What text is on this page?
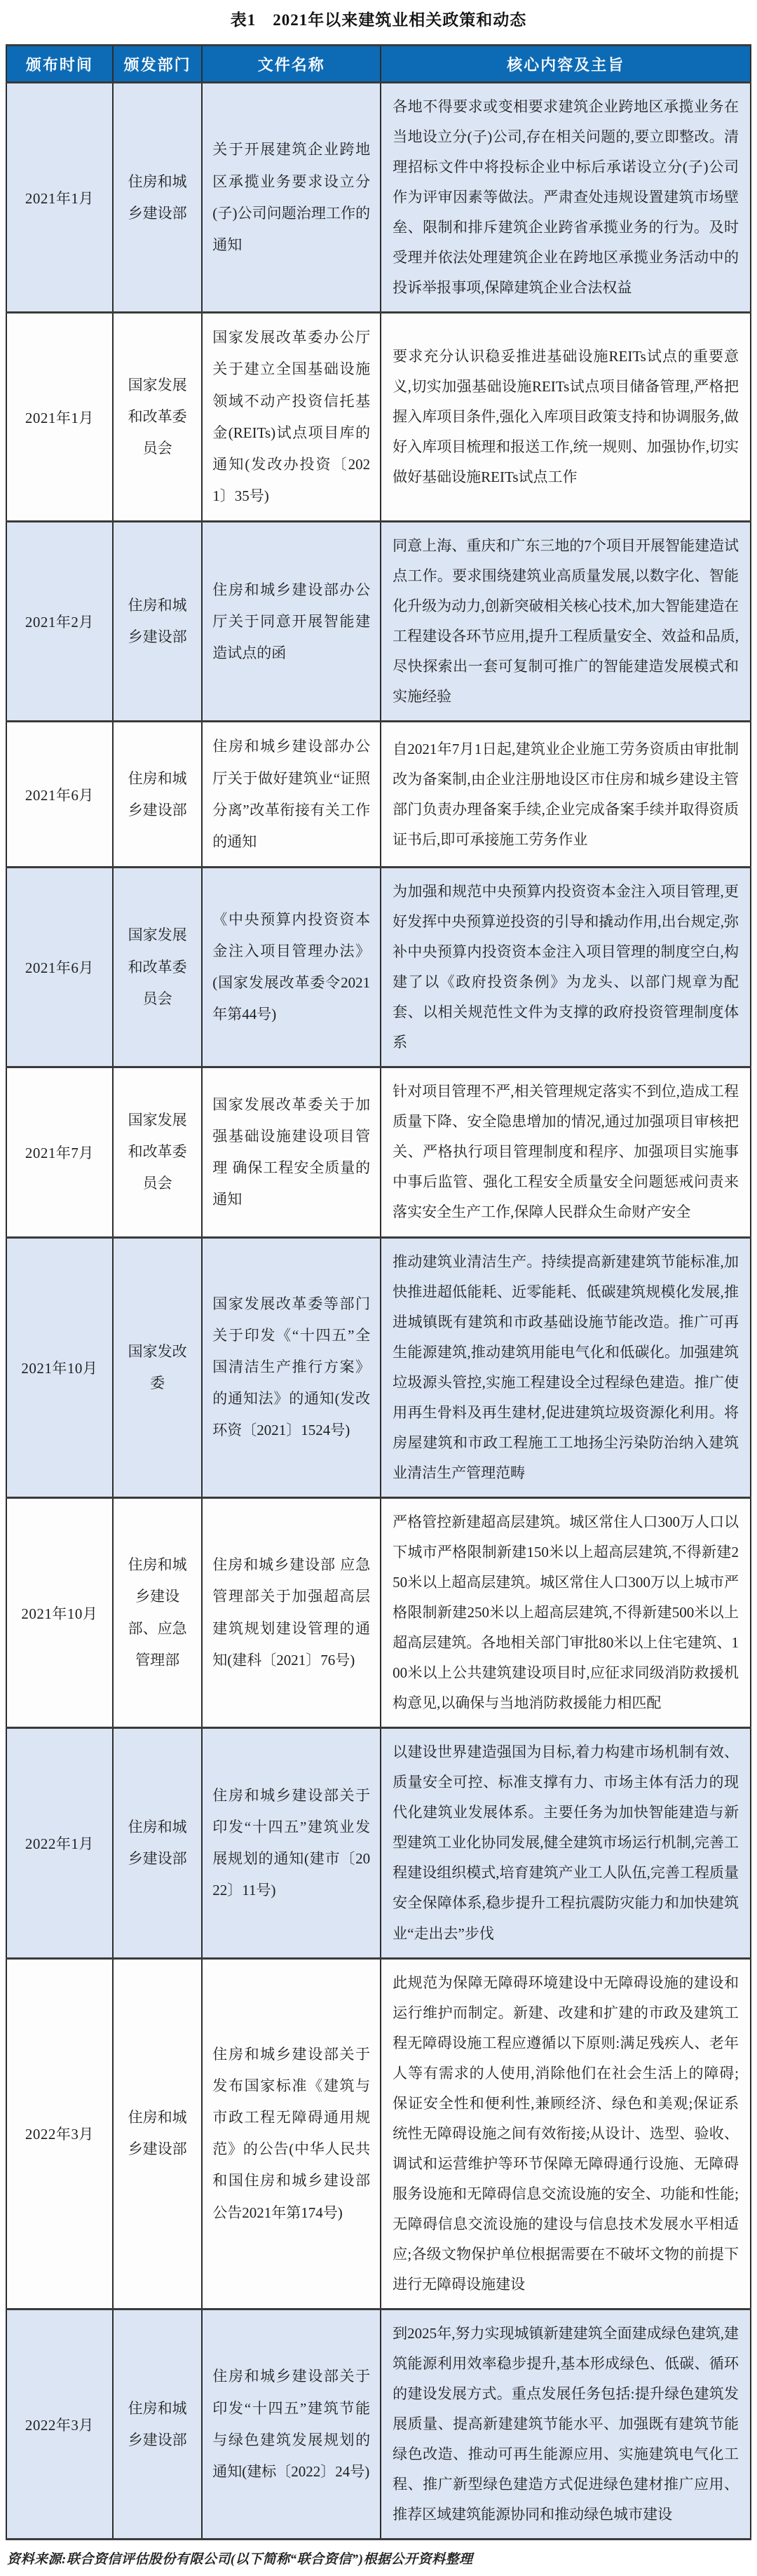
表1　2021年以来建筑业相关政策和动态
颁布时间	颁发部门	文件名称	核心内容及主旨
2021年1月	住房和城乡建设部	关于开展建筑企业跨地区承揽业务要求设立分(子)公司问题治理工作的通知	各地不得要求或变相要求建筑企业跨地区承揽业务在当地设立分(子)公司,存在相关问题的,要立即整改。清理招标文件中将投标企业中标后承诺设立分(子)公司作为评审因素等做法。严肃查处违规设置建筑市场壁垒、限制和排斥建筑企业跨省承揽业务的行为。及时受理并依法处理建筑企业在跨地区承揽业务活动中的投诉举报事项,保障建筑企业合法权益
2021年1月	国家发展和改革委员会	国家发展改革委办公厅关于建立全国基础设施领域不动产投资信托基金(REITs)试点项目库的通知(发改办投资〔2021〕35号)	要求充分认识稳妥推进基础设施REITs试点的重要意义,切实加强基础设施REITs试点项目储备管理,严格把握入库项目条件,强化入库项目政策支持和协调服务,做好入库项目梳理和报送工作,统一规则、加强协作,切实做好基础设施REITs试点工作
2021年2月	住房和城乡建设部	住房和城乡建设部办公厅关于同意开展智能建造试点的函	同意上海、重庆和广东三地的7个项目开展智能建造试点工作。要求围绕建筑业高质量发展,以数字化、智能化升级为动力,创新突破相关核心技术,加大智能建造在工程建设各环节应用,提升工程质量安全、效益和品质,尽快探索出一套可复制可推广的智能建造发展模式和实施经验
2021年6月	住房和城乡建设部	住房和城乡建设部办公厅关于做好建筑业“证照分离”改革衔接有关工作的通知	自2021年7月1日起,建筑业企业施工劳务资质由审批制改为备案制,由企业注册地设区市住房和城乡建设主管部门负责办理备案手续,企业完成备案手续并取得资质证书后,即可承接施工劳务作业
2021年6月	国家发展和改革委员会	《中央预算内投资资本金注入项目管理办法》(国家发展改革委令2021年第44号)	为加强和规范中央预算内投资资本金注入项目管理,更好发挥中央预算逆投资的引导和撬动作用,出台规定,弥补中央预算内投资资本金注入项目管理的制度空白,构建了以《政府投资条例》为龙头、以部门规章为配套、以相关规范性文件为支撑的政府投资管理制度体系
2021年7月	国家发展和改革委员会	国家发展改革委关于加强基础设施建设项目管理 确保工程安全质量的通知	针对项目管理不严,相关管理规定落实不到位,造成工程质量下降、安全隐患增加的情况,通过加强项目审核把关、严格执行项目管理制度和程序、加强项目实施事中事后监管、强化工程安全质量安全问题惩戒问责来落实安全生产工作,保障人民群众生命财产安全
2021年10月	国家发改委	国家发展改革委等部门关于印发《“十四五”全国清洁生产推行方案》的通知法》的通知(发改环资〔2021〕1524号)	推动建筑业清洁生产。持续提高新建建筑节能标准,加快推进超低能耗、近零能耗、低碳建筑规模化发展,推进城镇既有建筑和市政基础设施节能改造。推广可再生能源建筑,推动建筑用能电气化和低碳化。加强建筑垃圾源头管控,实施工程建设全过程绿色建造。推广使用再生骨料及再生建材,促进建筑垃圾资源化利用。将房屋建筑和市政工程施工工地扬尘污染防治纳入建筑业清洁生产管理范畴
2021年10月	住房和城乡建设部、应急管理部	住房和城乡建设部 应急管理部关于加强超高层建筑规划建设管理的通知(建科〔2021〕76号)	严格管控新建超高层建筑。城区常住人口300万人口以下城市严格限制新建150米以上超高层建筑,不得新建250米以上超高层建筑。城区常住人口300万以上城市严格限制新建250米以上超高层建筑,不得新建500米以上超高层建筑。各地相关部门审批80米以上住宅建筑、100米以上公共建筑建设项目时,应征求同级消防救援机构意见,以确保与当地消防救援能力相匹配
2022年1月	住房和城乡建设部	住房和城乡建设部关于印发“十四五”建筑业发展规划的通知(建市〔2022〕11号)	以建设世界建造强国为目标,着力构建市场机制有效、质量安全可控、标准支撑有力、市场主体有活力的现代化建筑业发展体系。主要任务为加快智能建造与新型建筑工业化协同发展,健全建筑市场运行机制,完善工程建设组织模式,培育建筑产业工人队伍,完善工程质量安全保障体系,稳步提升工程抗震防灾能力和加快建筑业“走出去”步伐
2022年3月	住房和城乡建设部	住房和城乡建设部关于发布国家标准《建筑与市政工程无障碍通用规范》的公告(中华人民共和国住房和城乡建设部公告2021年第174号)	此规范为保障无障碍环境建设中无障碍设施的建设和运行维护而制定。新建、改建和扩建的市政及建筑工程无障碍设施工程应遵循以下原则:满足残疾人、老年人等有需求的人使用,消除他们在社会生活上的障碍;保证安全性和便利性,兼顾经济、绿色和美观;保证系统性无障碍设施之间有效衔接;从设计、选型、验收、调试和运营维护等环节保障无障碍通行设施、无障碍服务设施和无障碍信息交流设施的安全、功能和性能;无障碍信息交流设施的建设与信息技术发展水平相适应;各级文物保护单位根据需要在不破坏文物的前提下进行无障碍设施建设
2022年3月	住房和城乡建设部	住房和城乡建设部关于印发“十四五”建筑节能与绿色建筑发展规划的通知(建标〔2022〕24号)	到2025年,努力实现城镇新建建筑全面建成绿色建筑,建筑能源利用效率稳步提升,基本形成绿色、低碳、循环的建设发展方式。重点发展任务包括:提升绿色建筑发展质量、提高新建建筑节能水平、加强既有建筑节能绿色改造、推动可再生能源应用、实施建筑电气化工程、推广新型绿色建造方式促进绿色建材推广应用、推荐区域建筑能源协同和推动绿色城市建设
资料来源:联合资信评估股份有限公司(以下简称“联合资信”)根据公开资料整理
